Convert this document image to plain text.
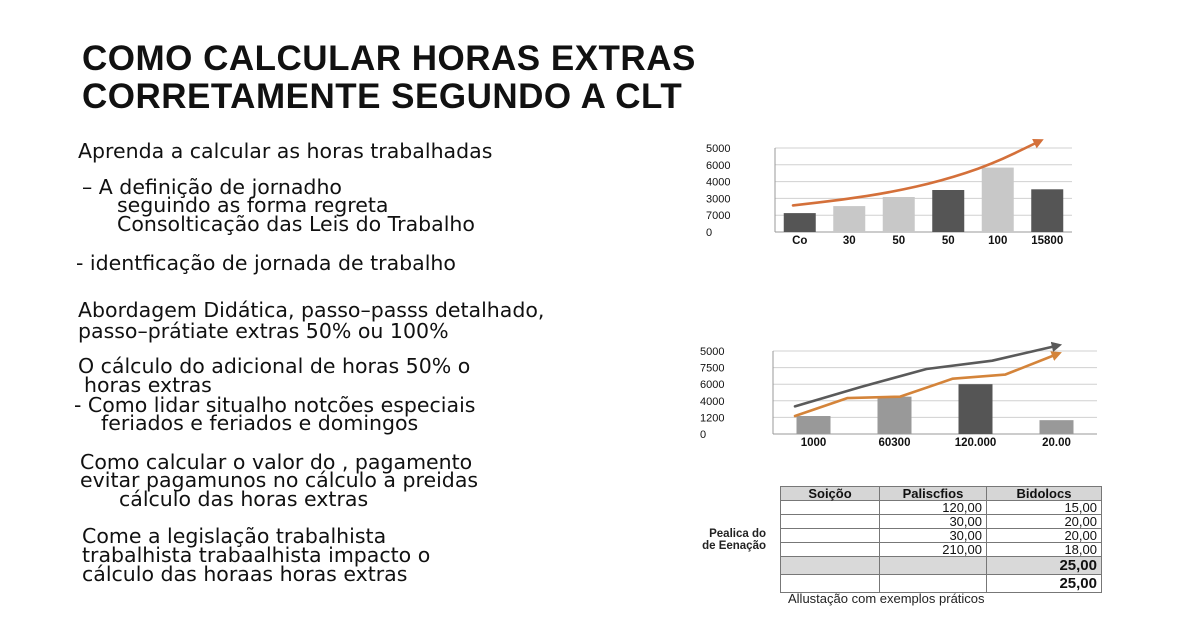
COMO CALCULAR HORAS EXTRAS
CORRETAMENTE SEGUNDO A CLT

Aprenda a calcular as horas trabalhadas

– A definição de jornadho

seguindo as forma regreta

Consolticação das Leis do Trabalho

- identficação de jornada de trabalho

Abordagem Didática, passo–passs detalhado,

passo–prátiate extras 50% ou 100%

O cálculo do adicional de horas 50% o

horas extras

- Como lidar situalho notcões especiais

feriados e feriados e domingos

Como calcular o valor do , pagamento

evitar pagamunos no cálculo a preidas

cálculo das horas extras

Come a legislação trabalhista

trabalhista trabaalhista impacto o

cálculo das horaas horas extras

5000
6000
4000
3000
7000
0
Co	30	50	50	100 15800
5000
7500
6000
4000
1200
0
1000	60300	120.000	20.00
Pealica do
de Eenação
Soiçõo	Paliscfios	Bidolocs
	120,00	15,00
	30,00	20,00
	30,00	20,00
	210,00	18,00
		25,00
		25,00
Allustação com exemplos práticos
